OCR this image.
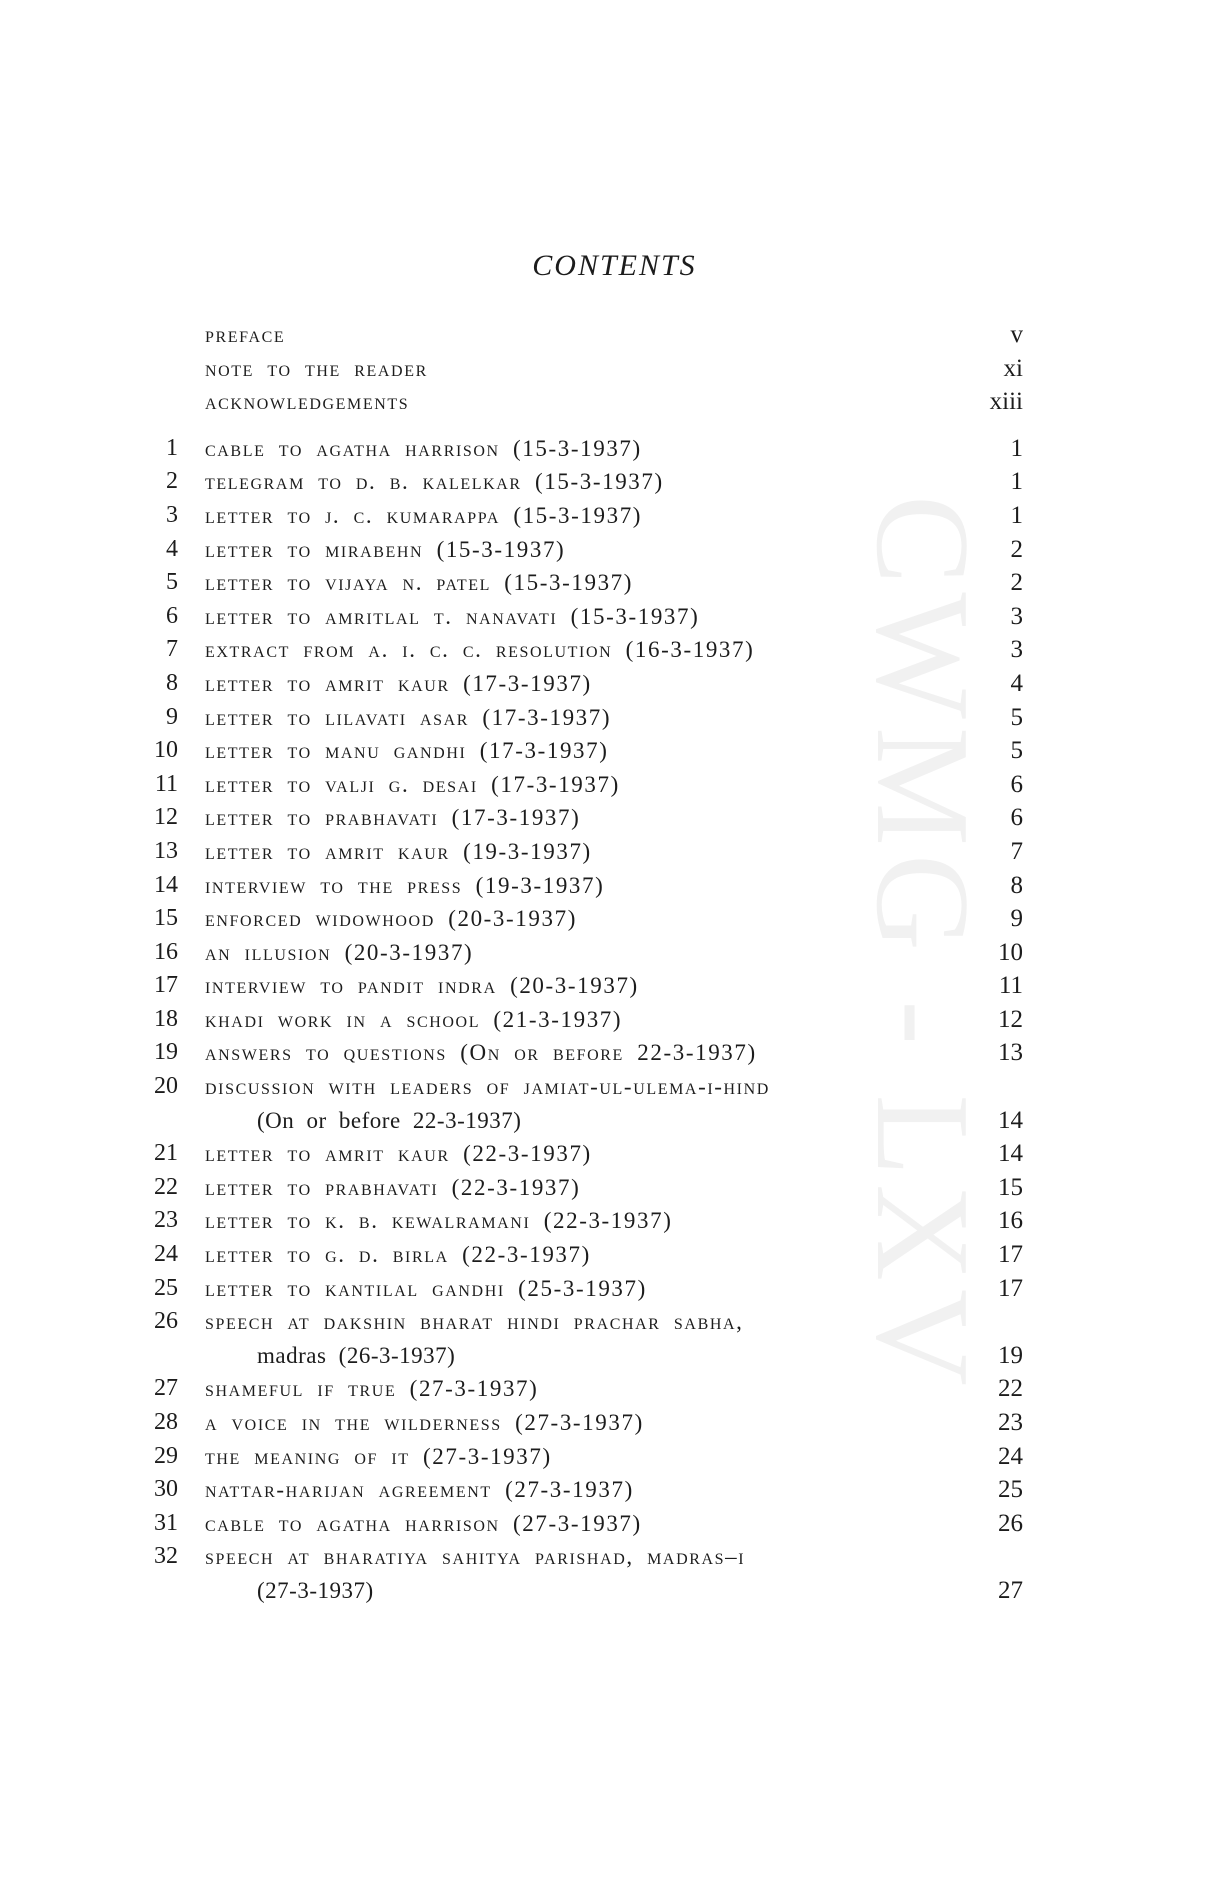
CWMG - LXV
CONTENTS
preface	v
note to the reader	xi
acknowledgements	xiii
1 cable to agatha harrison (15-3-1937)	1
2 telegram to d. b. kalelkar (15-3-1937)	1
3 letter to j. c. kumarappa (15-3-1937)	1
4 letter to mirabehn (15-3-1937)	2
5 letter to vijaya n. patel (15-3-1937)	2
6 letter to amritlal t. nanavati (15-3-1937)	3
7 extract from a. i. c. c. resolution (16-3-1937)	3
8 letter to amrit kaur (17-3-1937)	4
9 letter to lilavati asar (17-3-1937)	5
10 letter to manu gandhi (17-3-1937)	5
11 letter to valji g. desai (17-3-1937)	6
12 letter to prabhavati (17-3-1937)	6
13 letter to amrit kaur (19-3-1937)	7
14 interview to the press (19-3-1937)	8
15 enforced widowhood (20-3-1937)	9
16 an illusion (20-3-1937)	10
17 interview to pandit indra (20-3-1937)	11
18 khadi work in a school (21-3-1937)	12
19 answers to questions (On or before 22-3-1937)	13
20 discussion with leaders of jamiat-ul-ulema-i-hind
(On or before 22-3-1937)	14
21 letter to amrit kaur (22-3-1937)	14
22 letter to prabhavati (22-3-1937)	15
23 letter to k. b. kewalramani (22-3-1937)	16
24 letter to g. d. birla (22-3-1937)	17
25 letter to kantilal gandhi (25-3-1937)	17
26 speech at dakshin bharat hindi prachar sabha,
madras (26-3-1937)	19
27 shameful if true (27-3-1937)	22
28 a voice in the wilderness (27-3-1937)	23
29 the meaning of it (27-3-1937)	24
30 nattar-harijan agreement (27-3-1937)	25
31 cable to agatha harrison (27-3-1937)	26
32 speech at bharatiya sahitya parishad, madras–i
(27-3-1937)	27
